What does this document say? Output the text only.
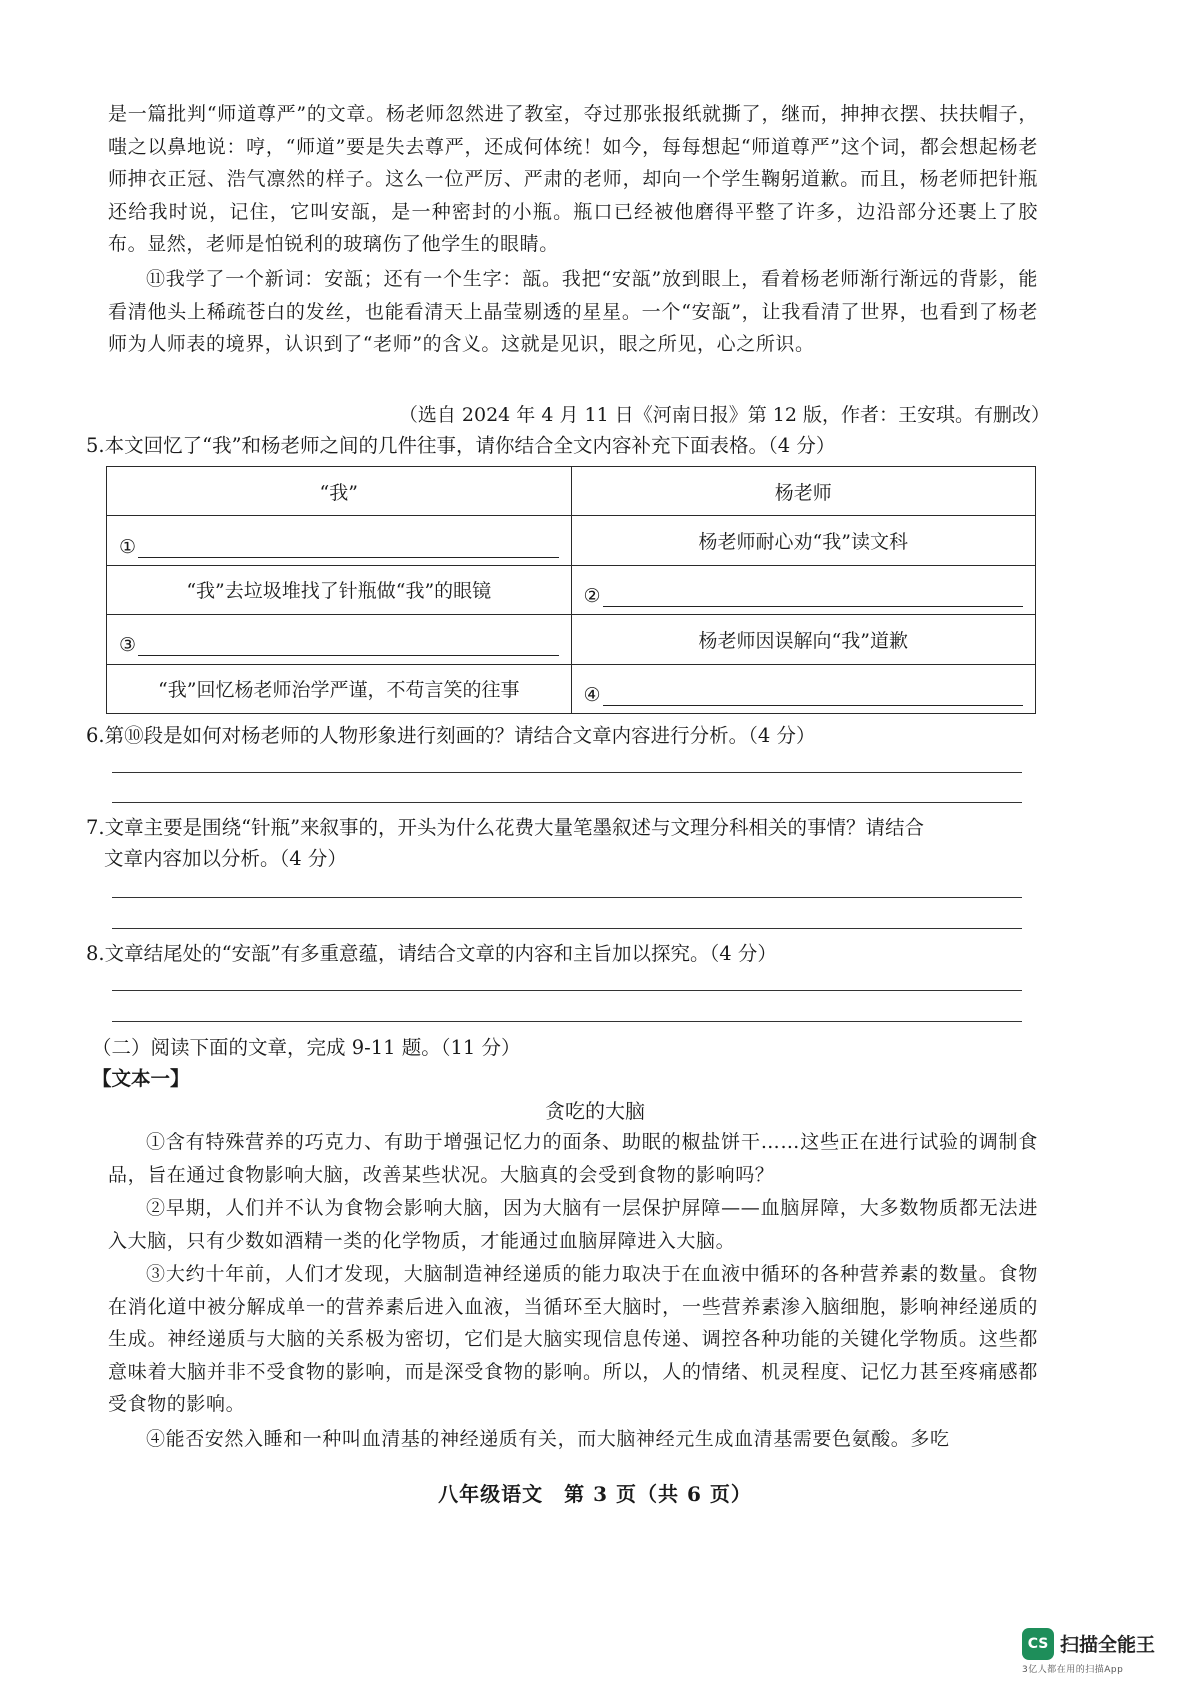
是一篇批判“师道尊严”的文章。杨老师忽然进了教室，夺过那张报纸就撕了，继而，抻抻衣摆、扶扶帽子，嗤之以鼻地说：哼，“师道”要是失去尊严，还成何体统！如今，每每想起“师道尊严”这个词，都会想起杨老师抻衣正冠、浩气凛然的样子。这么一位严厉、严肃的老师，却向一个学生鞠躬道歉。而且，杨老师把针瓶还给我时说，记住，它叫安瓿，是一种密封的小瓶。瓶口已经被他磨得平整了许多，边沿部分还裹上了胶布。显然，老师是怕锐利的玻璃伤了他学生的眼睛。
⑪我学了一个新词：安瓿；还有一个生字：瓿。我把“安瓿”放到眼上，看着杨老师渐行渐远的背影，能看清他头上稀疏苍白的发丝，也能看清天上晶莹剔透的星星。一个“安瓿”，让我看清了世界，也看到了杨老师为人师表的境界，认识到了“老师”的含义。这就是见识，眼之所见，心之所识。
（选自 2024 年 4 月 11 日《河南日报》第 12 版，作者：王安琪。有删改）
5.本文回忆了“我”和杨老师之间的几件往事，请你结合全文内容补充下面表格。（4 分）
“我”	杨老师

①	杨老师耐心劝“我”读文科
“我”去垃圾堆找了针瓶做“我”的眼镜	②

③	杨老师因误解向“我”道歉
“我”回忆杨老师治学严谨，不苟言笑的往事	④
6.第⑩段是如何对杨老师的人物形象进行刻画的？请结合文章内容进行分析。（4 分）
7.文章主要是围绕“针瓶”来叙事的，开头为什么花费大量笔墨叙述与文理分科相关的事情？请结合
文章内容加以分析。（4 分）
8.文章结尾处的“安瓿”有多重意蕴，请结合文章的内容和主旨加以探究。（4 分）
（二）阅读下面的文章，完成 9-11 题。（11 分）
【文本一】
贪吃的大脑
①含有特殊营养的巧克力、有助于增强记忆力的面条、助眠的椒盐饼干……这些正在进行试验的调制食品，旨在通过食物影响大脑，改善某些状况。大脑真的会受到食物的影响吗？
②早期，人们并不认为食物会影响大脑，因为大脑有一层保护屏障——血脑屏障，大多数物质都无法进入大脑，只有少数如酒精一类的化学物质，才能通过血脑屏障进入大脑。
③大约十年前，人们才发现，大脑制造神经递质的能力取决于在血液中循环的各种营养素的数量。食物在消化道中被分解成单一的营养素后进入血液，当循环至大脑时，一些营养素渗入脑细胞，影响神经递质的生成。神经递质与大脑的关系极为密切，它们是大脑实现信息传递、调控各种功能的关键化学物质。这些都意味着大脑并非不受食物的影响，而是深受食物的影响。所以，人的情绪、机灵程度、记忆力甚至疼痛感都受食物的影响。
④能否安然入睡和一种叫血清基的神经递质有关，而大脑神经元生成血清基需要色氨酸。多吃
八年级语文　第 3 页（共 6 页）
CS 扫描全能王
3亿人都在用的扫描App
